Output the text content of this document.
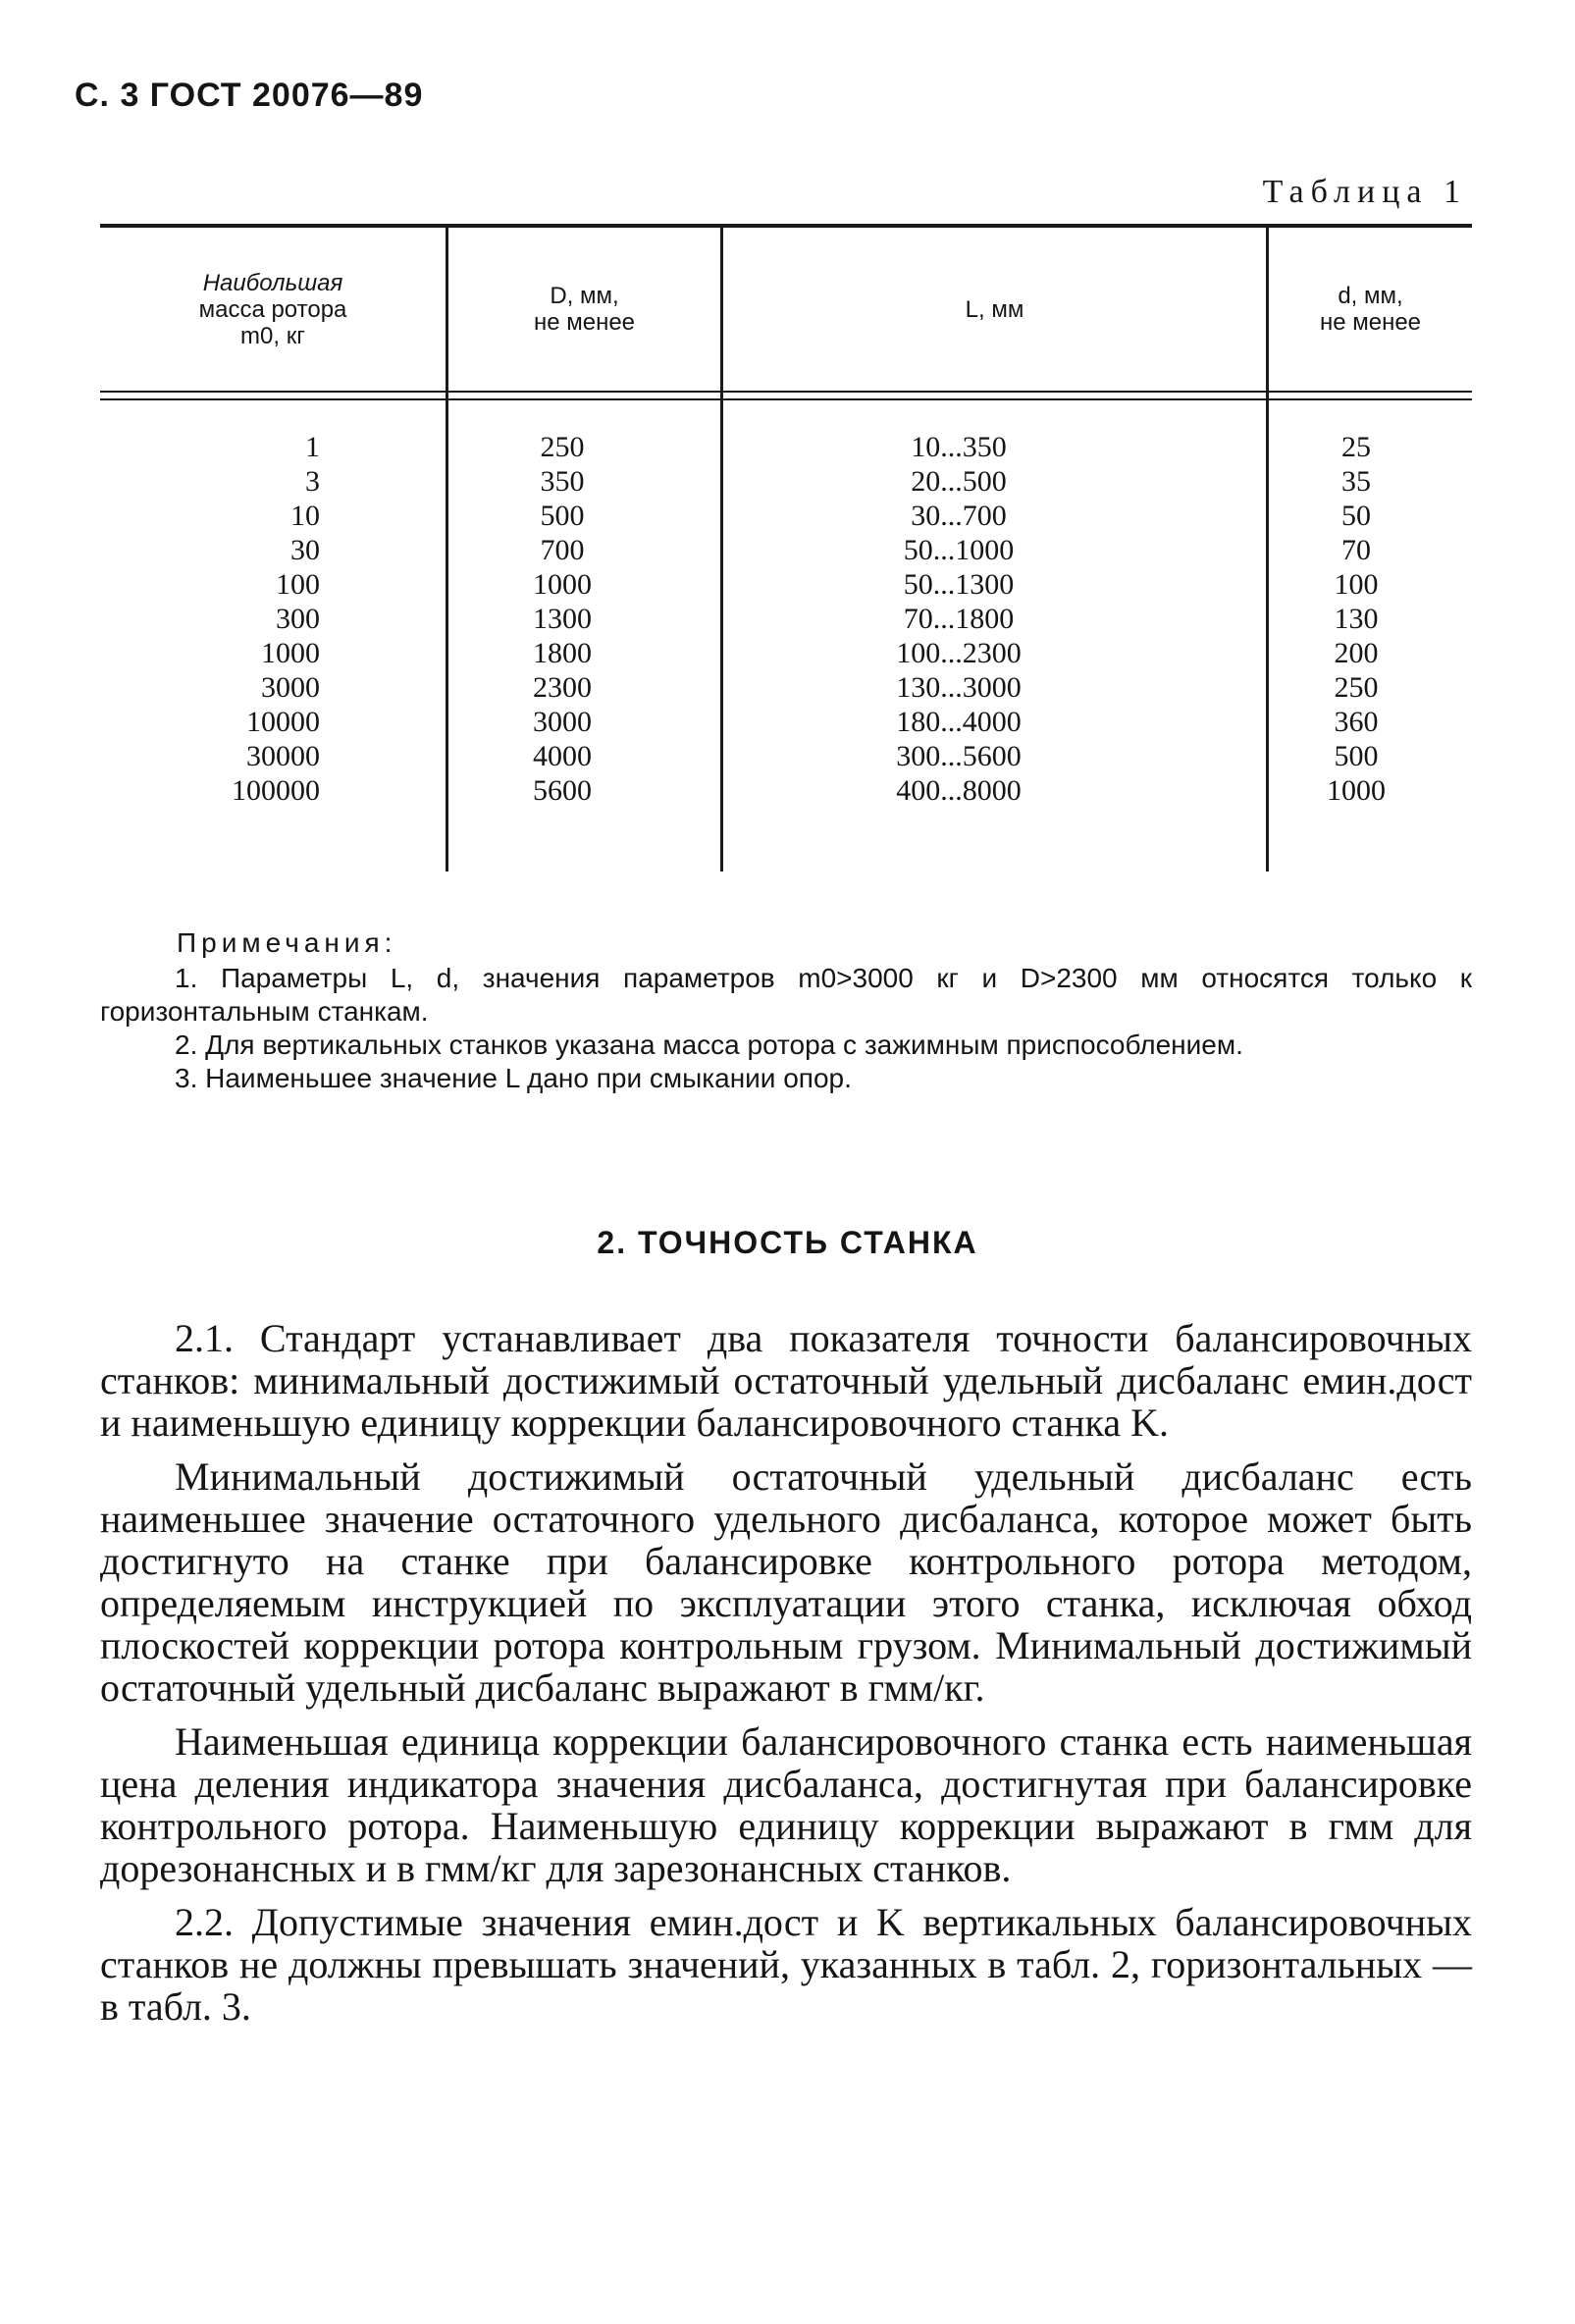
С. 3 ГОСТ 20076—89
Таблица 1
Наибольшая
масса ротора
m0, кг
D, мм,
не менее	L, мм	d, мм,
не менее
1
3
10
30
100
300
1000
3000
10000
30000
100000
250
350
500
700
1000
1300
1800
2300
3000
4000
5600
10...350
20...500
30...700
50...1000
50...1300
70...1800
100...2300
130...3000
180...4000
300...5600
400...8000
25
35
50
70
100
130
200
250
360
500
1000
Примечания:
1. Параметры L, d, значения параметров m0>3000 кг и D>2300 мм относятся только к горизонтальным станкам.
2. Для вертикальных станков указана масса ротора с зажимным приспособлением.
3. Наименьшее значение L дано при смыкании опор.
2. ТОЧНОСТЬ СТАНКА

2.1. Стандарт устанавливает два показателя точности балансировочных станков: минимальный достижимый остаточный удельный дисбаланс eмин.дост и наименьшую единицу коррекции балансировочного станка K.

Минимальный достижимый остаточный удельный дисбаланс есть наименьшее значение остаточного удельного дисбаланса, которое может быть достигнуто на станке при балансировке контрольного ротора методом, определяемым инструкцией по эксплуатации этого станка, исключая обход плоскостей коррекции ротора контрольным грузом. Минимальный достижимый остаточный удельный дисбаланс выражают в гмм/кг.

Наименьшая единица коррекции балансировочного станка есть наименьшая цена деления индикатора значения дисбаланса, достигнутая при балансировке контрольного ротора. Наименьшую единицу коррекции выражают в гмм для дорезонансных и в гмм/кг для зарезонансных станков.

2.2. Допустимые значения eмин.дост и K вертикальных балансировочных станков не должны превышать значений, указанных в табл. 2, горизонтальных — в табл. 3.
